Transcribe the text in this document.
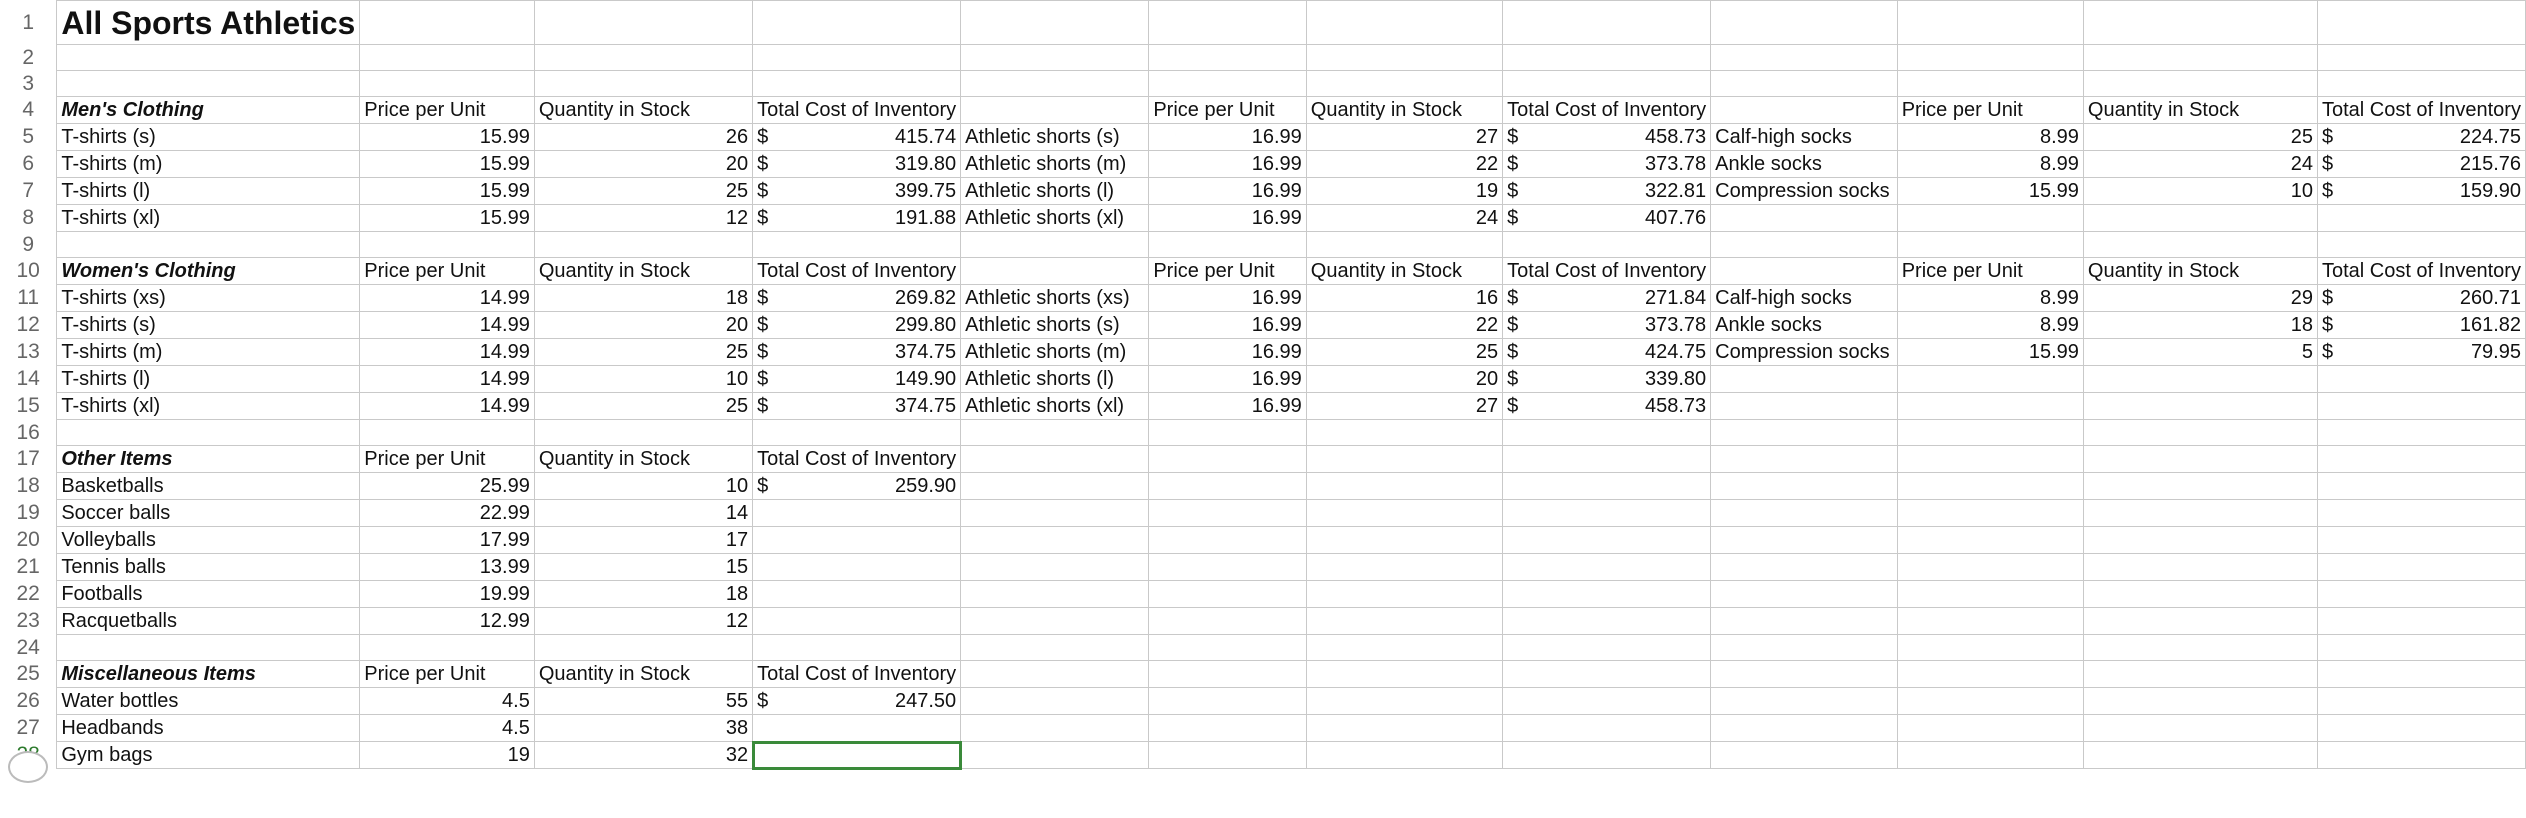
1	All Sports Athletics											
2												
3												
4	Men's Clothing	Price per Unit	Quantity in Stock	Total Cost of Inventory		Price per Unit	Quantity in Stock	Total Cost of Inventory		Price per Unit	Quantity in Stock	Total Cost of Inventory
5	T-shirts (s)	15.99	26	$ 415.74	Athletic shorts (s)	16.99	27	$ 458.73	Calf-high socks	8.99	25	$ 224.75

6	T-shirts (m)	15.99	20	$ 319.80	Athletic shorts (m)	16.99	22	$ 373.78	Ankle socks	8.99	24	$ 215.76

7	T-shirts (l)	15.99	25	$ 399.75	Athletic shorts (l)	16.99	19	$ 322.81	Compression socks	15.99	10	$ 159.90

8	T-shirts (xl)	15.99	12	$ 191.88	Athletic shorts (xl)	16.99	24	$ 407.76				

9												
10	Women's Clothing	Price per Unit	Quantity in Stock	Total Cost of Inventory		Price per Unit	Quantity in Stock	Total Cost of Inventory		Price per Unit	Quantity in Stock	Total Cost of Inventory
11	T-shirts (xs)	14.99	18	$ 269.82	Athletic shorts (xs)	16.99	16	$ 271.84	Calf-high socks	8.99	29	$ 260.71

12	T-shirts (s)	14.99	20	$ 299.80	Athletic shorts (s)	16.99	22	$ 373.78	Ankle socks	8.99	18	$ 161.82

13	T-shirts (m)	14.99	25	$ 374.75	Athletic shorts (m)	16.99	25	$ 424.75	Compression socks	15.99	5	$ 79.95

14	T-shirts (l)	14.99	10	$ 149.90	Athletic shorts (l)	16.99	20	$ 339.80				

15	T-shirts (xl)	14.99	25	$ 374.75	Athletic shorts (xl)	16.99	27	$ 458.73				

16												
17	Other Items	Price per Unit	Quantity in Stock	Total Cost of Inventory								
18	Basketballs	25.99	10	$ 259.90								

19	Soccer balls	22.99	14									
20	Volleyballs	17.99	17									
21	Tennis balls	13.99	15									
22	Footballs	19.99	18									
23	Racquetballs	12.99	12									
24												
25	Miscellaneous Items	Price per Unit	Quantity in Stock	Total Cost of Inventory								
26	Water bottles	4.5	55	$ 247.50								

27	Headbands	4.5	38									
	Gym bags	19	32									
